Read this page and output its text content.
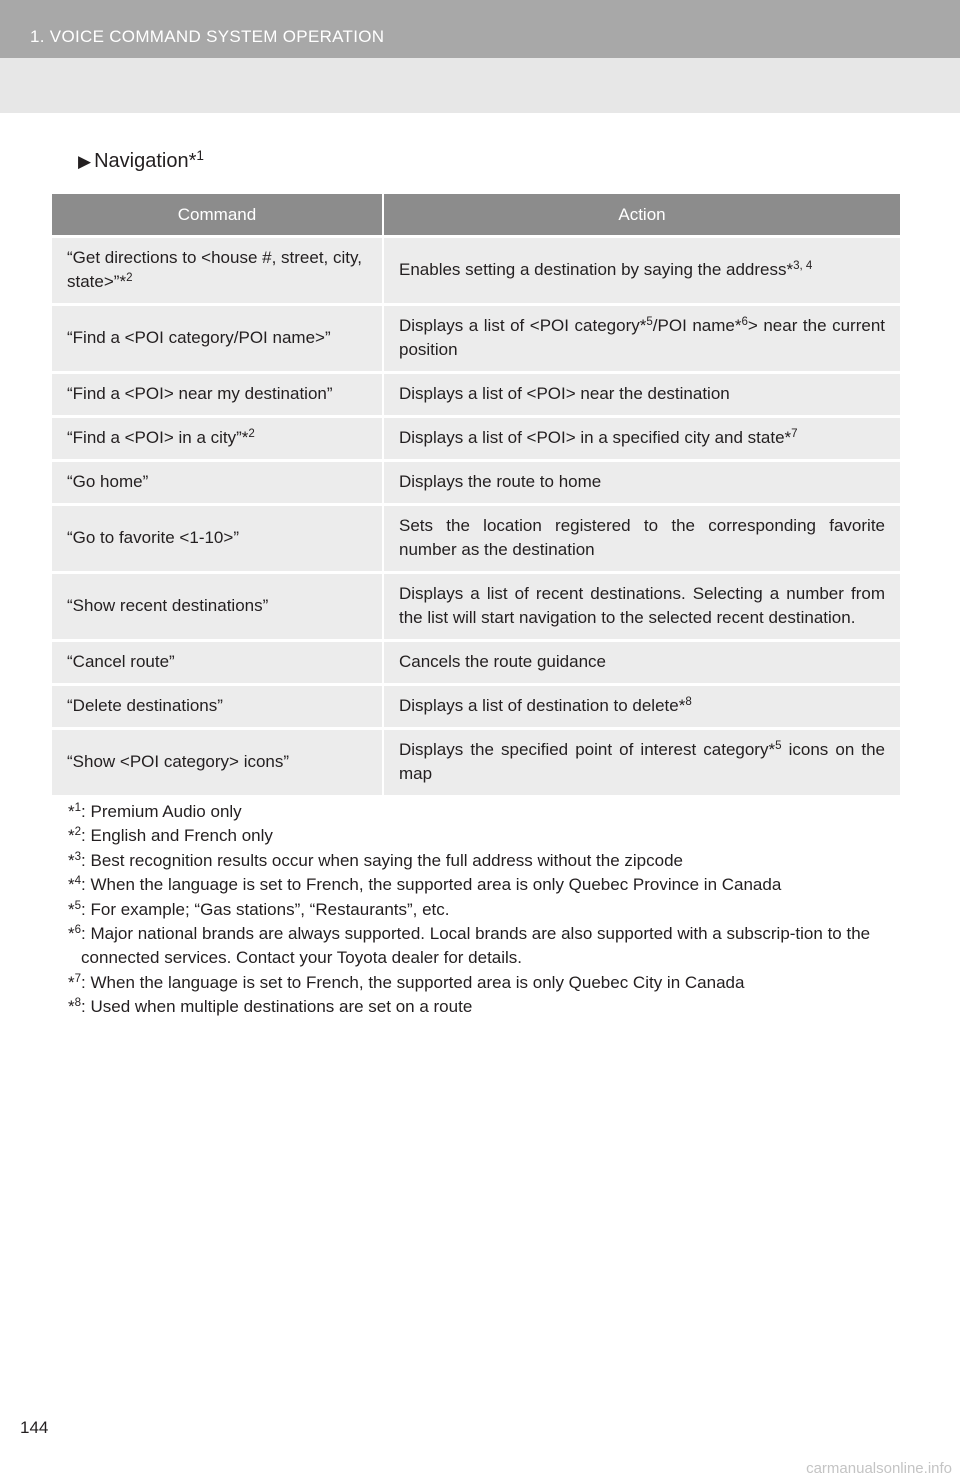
1. VOICE COMMAND SYSTEM OPERATION
▶ Navigation*$^1$
Command	Action
“Get directions to <house #, street, city, state>”*$^2$	Enables setting a destination by saying the address*$^{3, 4}$
“Find a <POI category/POI name>”	Displays a list of <POI category*$^5$/POI name*$^6$> near the current position
“Find a <POI> near my destination”	Displays a list of <POI> near the destination
“Find a <POI> in a city”*$^2$	Displays a list of <POI> in a specified city and state*$^7$
“Go home”	Displays the route to home
“Go to favorite <1-10>”	Sets the location registered to the corresponding favorite number as the destination
“Show recent destinations”	Displays a list of recent destinations. Selecting a number from the list will start navigation to the selected recent destination.
“Cancel route”	Cancels the route guidance
“Delete destinations”	Displays a list of destination to delete*$^8$
“Show <POI category> icons”	Displays the specified point of interest category*$^5$ icons on the map
*$^1$ : Premium Audio only
*$^2$ : English and French only
*$^3$ : Best recognition results occur when saying the full address without the zipcode
*$^4$ : When the language is set to French, the supported area is only Quebec Province in Canada
*$^5$ : For example; “Gas stations”, “Restaurants”, etc.
*$^6$ : Major national brands are always supported. Local brands are also supported with a subscrip-tion to the connected services. Contact your Toyota dealer for details.
*$^7$ : When the language is set to French, the supported area is only Quebec City in Canada
*$^8$ : Used when multiple destinations are set on a route
144
carmanualsonline.info
